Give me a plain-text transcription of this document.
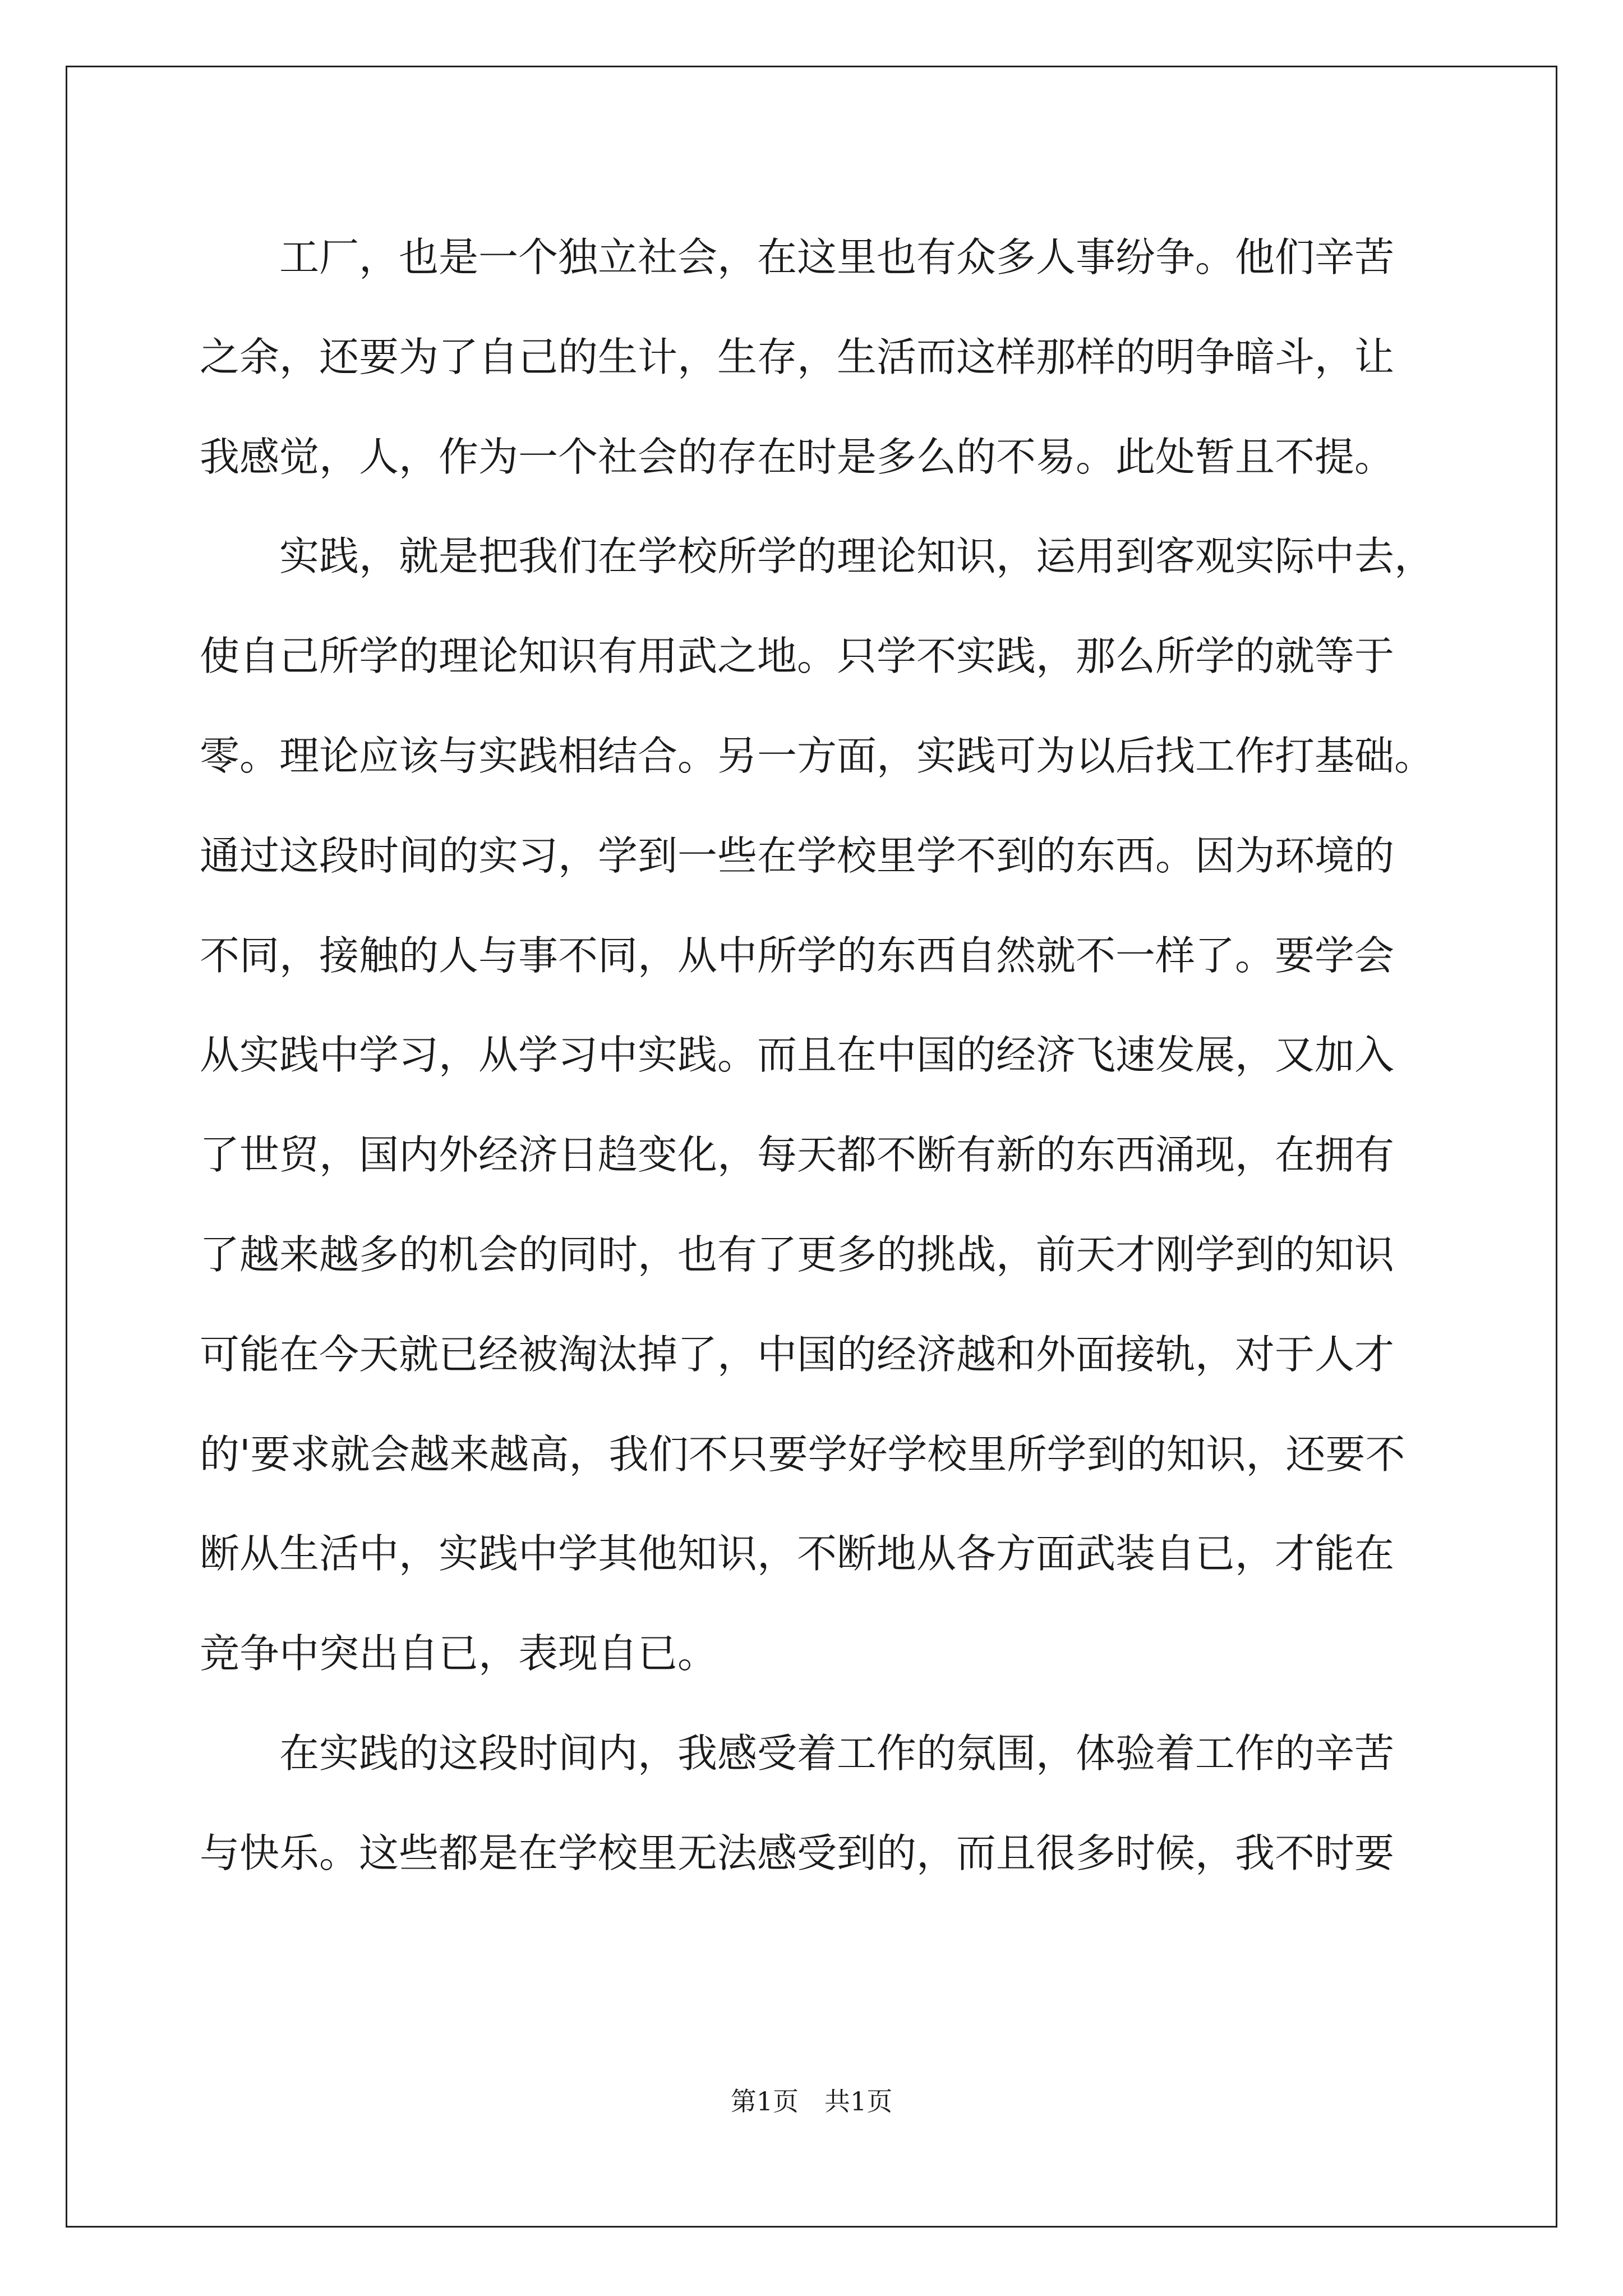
工厂，也是一个独立社会，在这里也有众多人事纷争。他们辛苦
之余，还要为了自己的生计，生存，生活而这样那样的明争暗斗，让
我感觉，人，作为一个社会的存在时是多么的不易。此处暂且不提。
实践，就是把我们在学校所学的理论知识，运用到客观实际中去，
使自己所学的理论知识有用武之地。只学不实践，那么所学的就等于
零。理论应该与实践相结合。另一方面，实践可为以后找工作打基础。
通过这段时间的实习，学到一些在学校里学不到的东西。因为环境的
不同，接触的人与事不同，从中所学的东西自然就不一样了。要学会
从实践中学习，从学习中实践。而且在中国的经济飞速发展，又加入
了世贸，国内外经济日趋变化，每天都不断有新的东西涌现，在拥有
了越来越多的机会的同时，也有了更多的挑战，前天才刚学到的知识
可能在今天就已经被淘汰掉了，中国的经济越和外面接轨，对于人才
的'要求就会越来越高，我们不只要学好学校里所学到的知识，还要不
断从生活中，实践中学其他知识，不断地从各方面武装自已，才能在
竞争中突出自已，表现自已。
在实践的这段时间内，我感受着工作的氛围，体验着工作的辛苦
与快乐。这些都是在学校里无法感受到的，而且很多时候，我不时要
第1页　共1页
